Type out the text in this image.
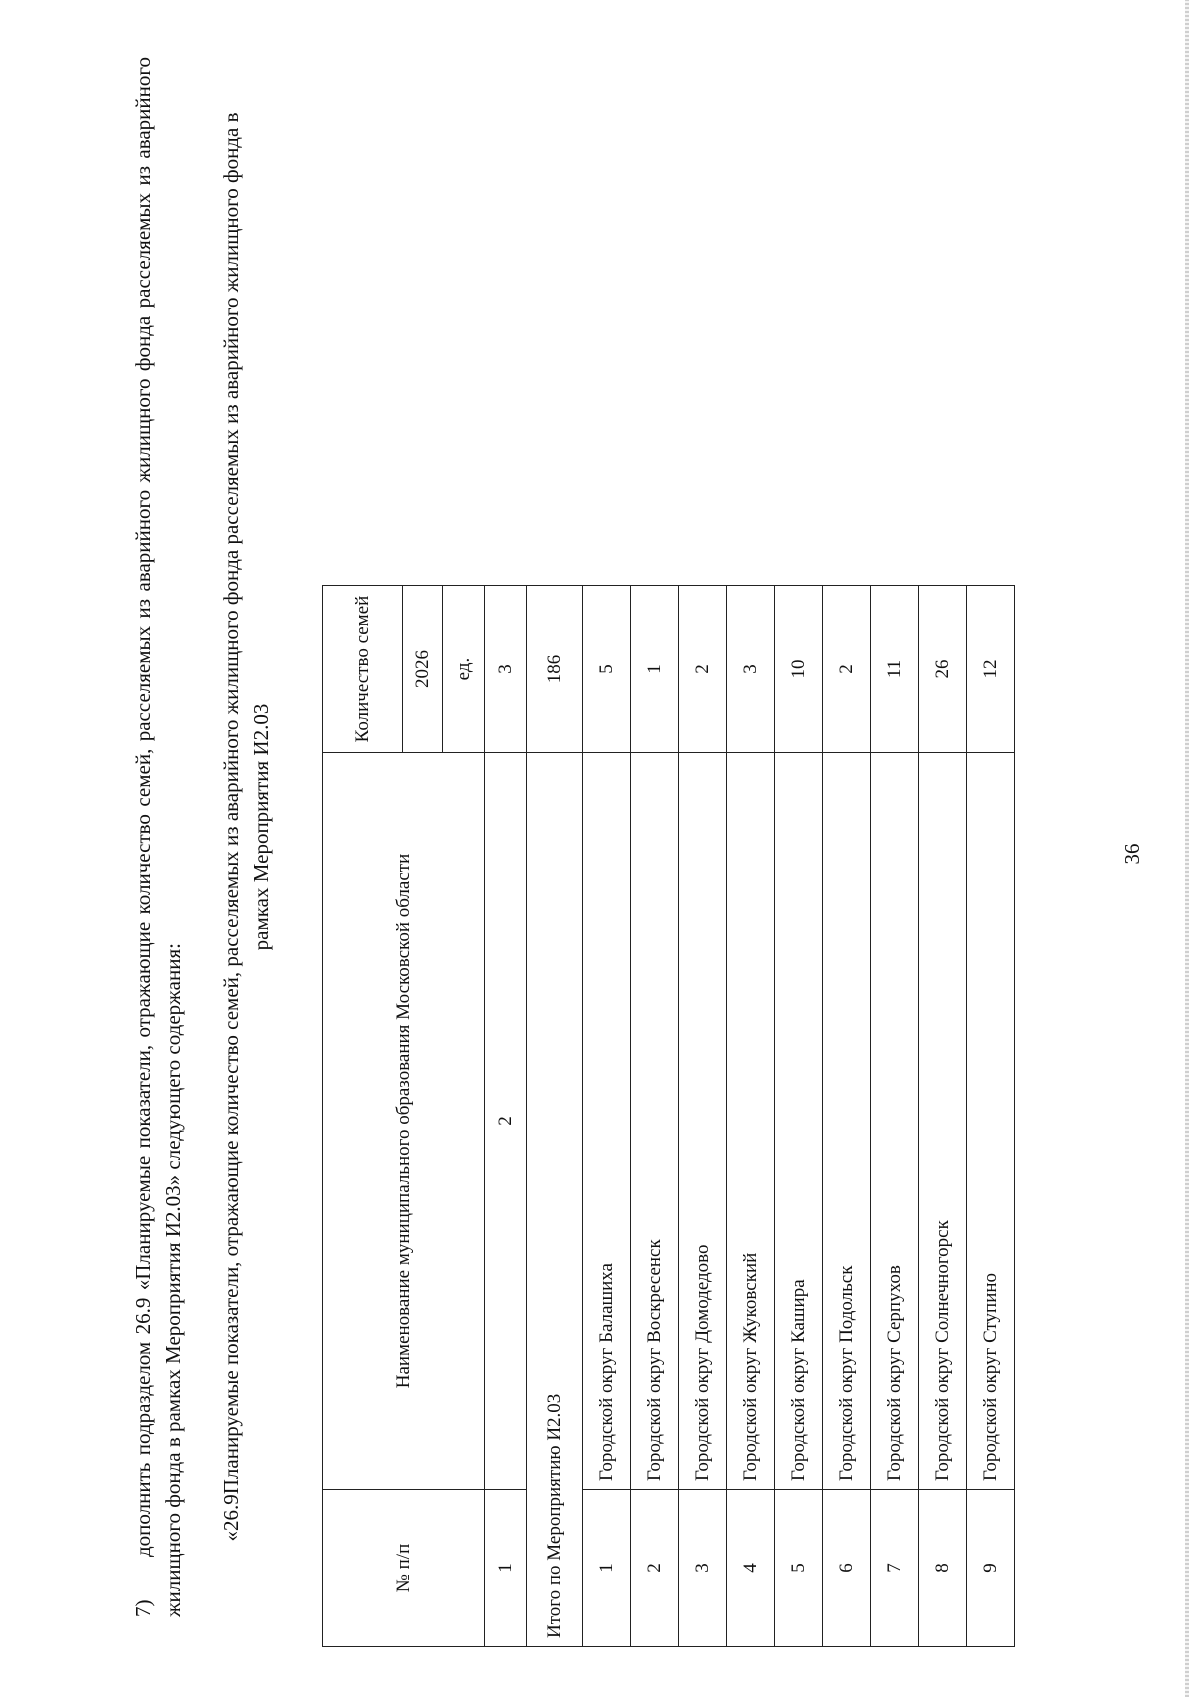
36
7)дополнить подразделом 26.9 «Планируемые показатели, отражающие количество семей, расселяемых из аварийного жилищного фонда расселяемых из аварийного жилищного фонда в рамках Мероприятия И2.03» следующего содержания: «26.9Планируемые показатели, отражающие количество семей, расселяемых из аварийного жилищного фонда расселяемых из аварийного жилищного фонда в рамках Мероприятия И2.03
№ п/п	Наименование муниципального образования Московской области	Количество семей
		2026
		ед.
1	2	3
Итого по Мероприятию И2.03		186
1	Городской округ Балашиха	5
2	Городской округ Воскресенск	1
3	Городской округ Домодедово	2
4	Городской округ Жуковский	3
5	Городской округ Кашира	10
6	Городской округ Подольск	2
7	Городской округ Серпухов	11
8	Городской округ Солнечногорск	26
9	Городской округ Ступино	12
